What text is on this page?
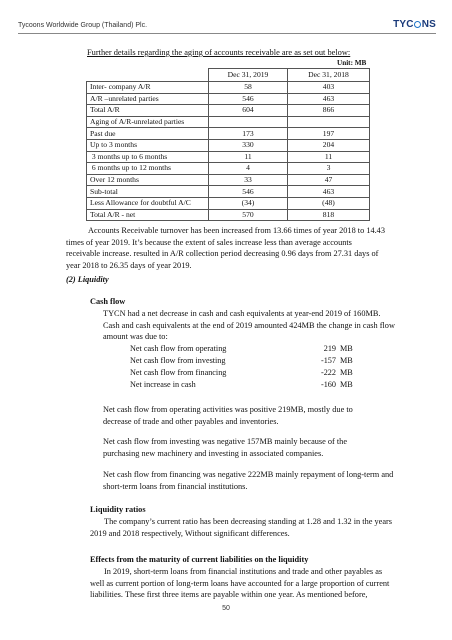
Tycoons Worldwide Group (Thailand) Plc.	TYC NS
Further details regarding the aging of accounts receivable are as set out below:
Unit: MB
	Dec 31, 2019	Dec 31, 2018
Inter- company A/R	58	403
A/R –unrelated parties	546	463
Total A/R	604	866
Aging of A/R-unrelated parties		
Past due	173	197
Up to 3 months	330	204
3 months up to 6 months	11	11
6 months up to 12 months	4	3
Over 12 months	33	47
Sub-total	546	463
Less Allowance for doubtful A/C	(34)	(48)
Total A/R - net	570	818
Accounts Receivable turnover has been increased from 13.66 times of year 2018 to 14.43
times of year 2019. It’s because the extent of sales increase less than average accounts
receivable increase. resulted in A/R collection period decreasing 0.96 days from 27.31 days of
year 2018 to 26.35 days of year 2019.
(2) Liquidity
Cash flow
TYCN had a net decrease in cash and cash equivalents at year-end 2019 of 160MB.
Cash and cash equivalents at the end of 2019 amounted 424MB the change in cash flow
amount was due to:
Net cash flow from operating	219 MB
Net cash flow from investing	-157 MB
Net cash flow from financing	-222 MB
Net increase in cash	-160 MB
Net cash flow from operating activities was positive 219MB, mostly due to
decrease of trade and other payables and inventories.
Net cash flow from investing was negative 157MB mainly because of the
purchasing new machinery and investing in associated companies.
Net cash flow from financing was negative 222MB mainly repayment of long-term and
short-term loans from financial institutions.
Liquidity ratios
The company’s current ratio has been decreasing standing at 1.28 and 1.32 in the years
2019 and 2018 respectively, Without significant differences.
Effects from the maturity of current liabilities on the liquidity
In 2019, short-term loans from financial institutions and trade and other payables as
well as current portion of long-term loans have accounted for a large proportion of current
liabilities. These first three items are payable within one year. As mentioned before,
50
